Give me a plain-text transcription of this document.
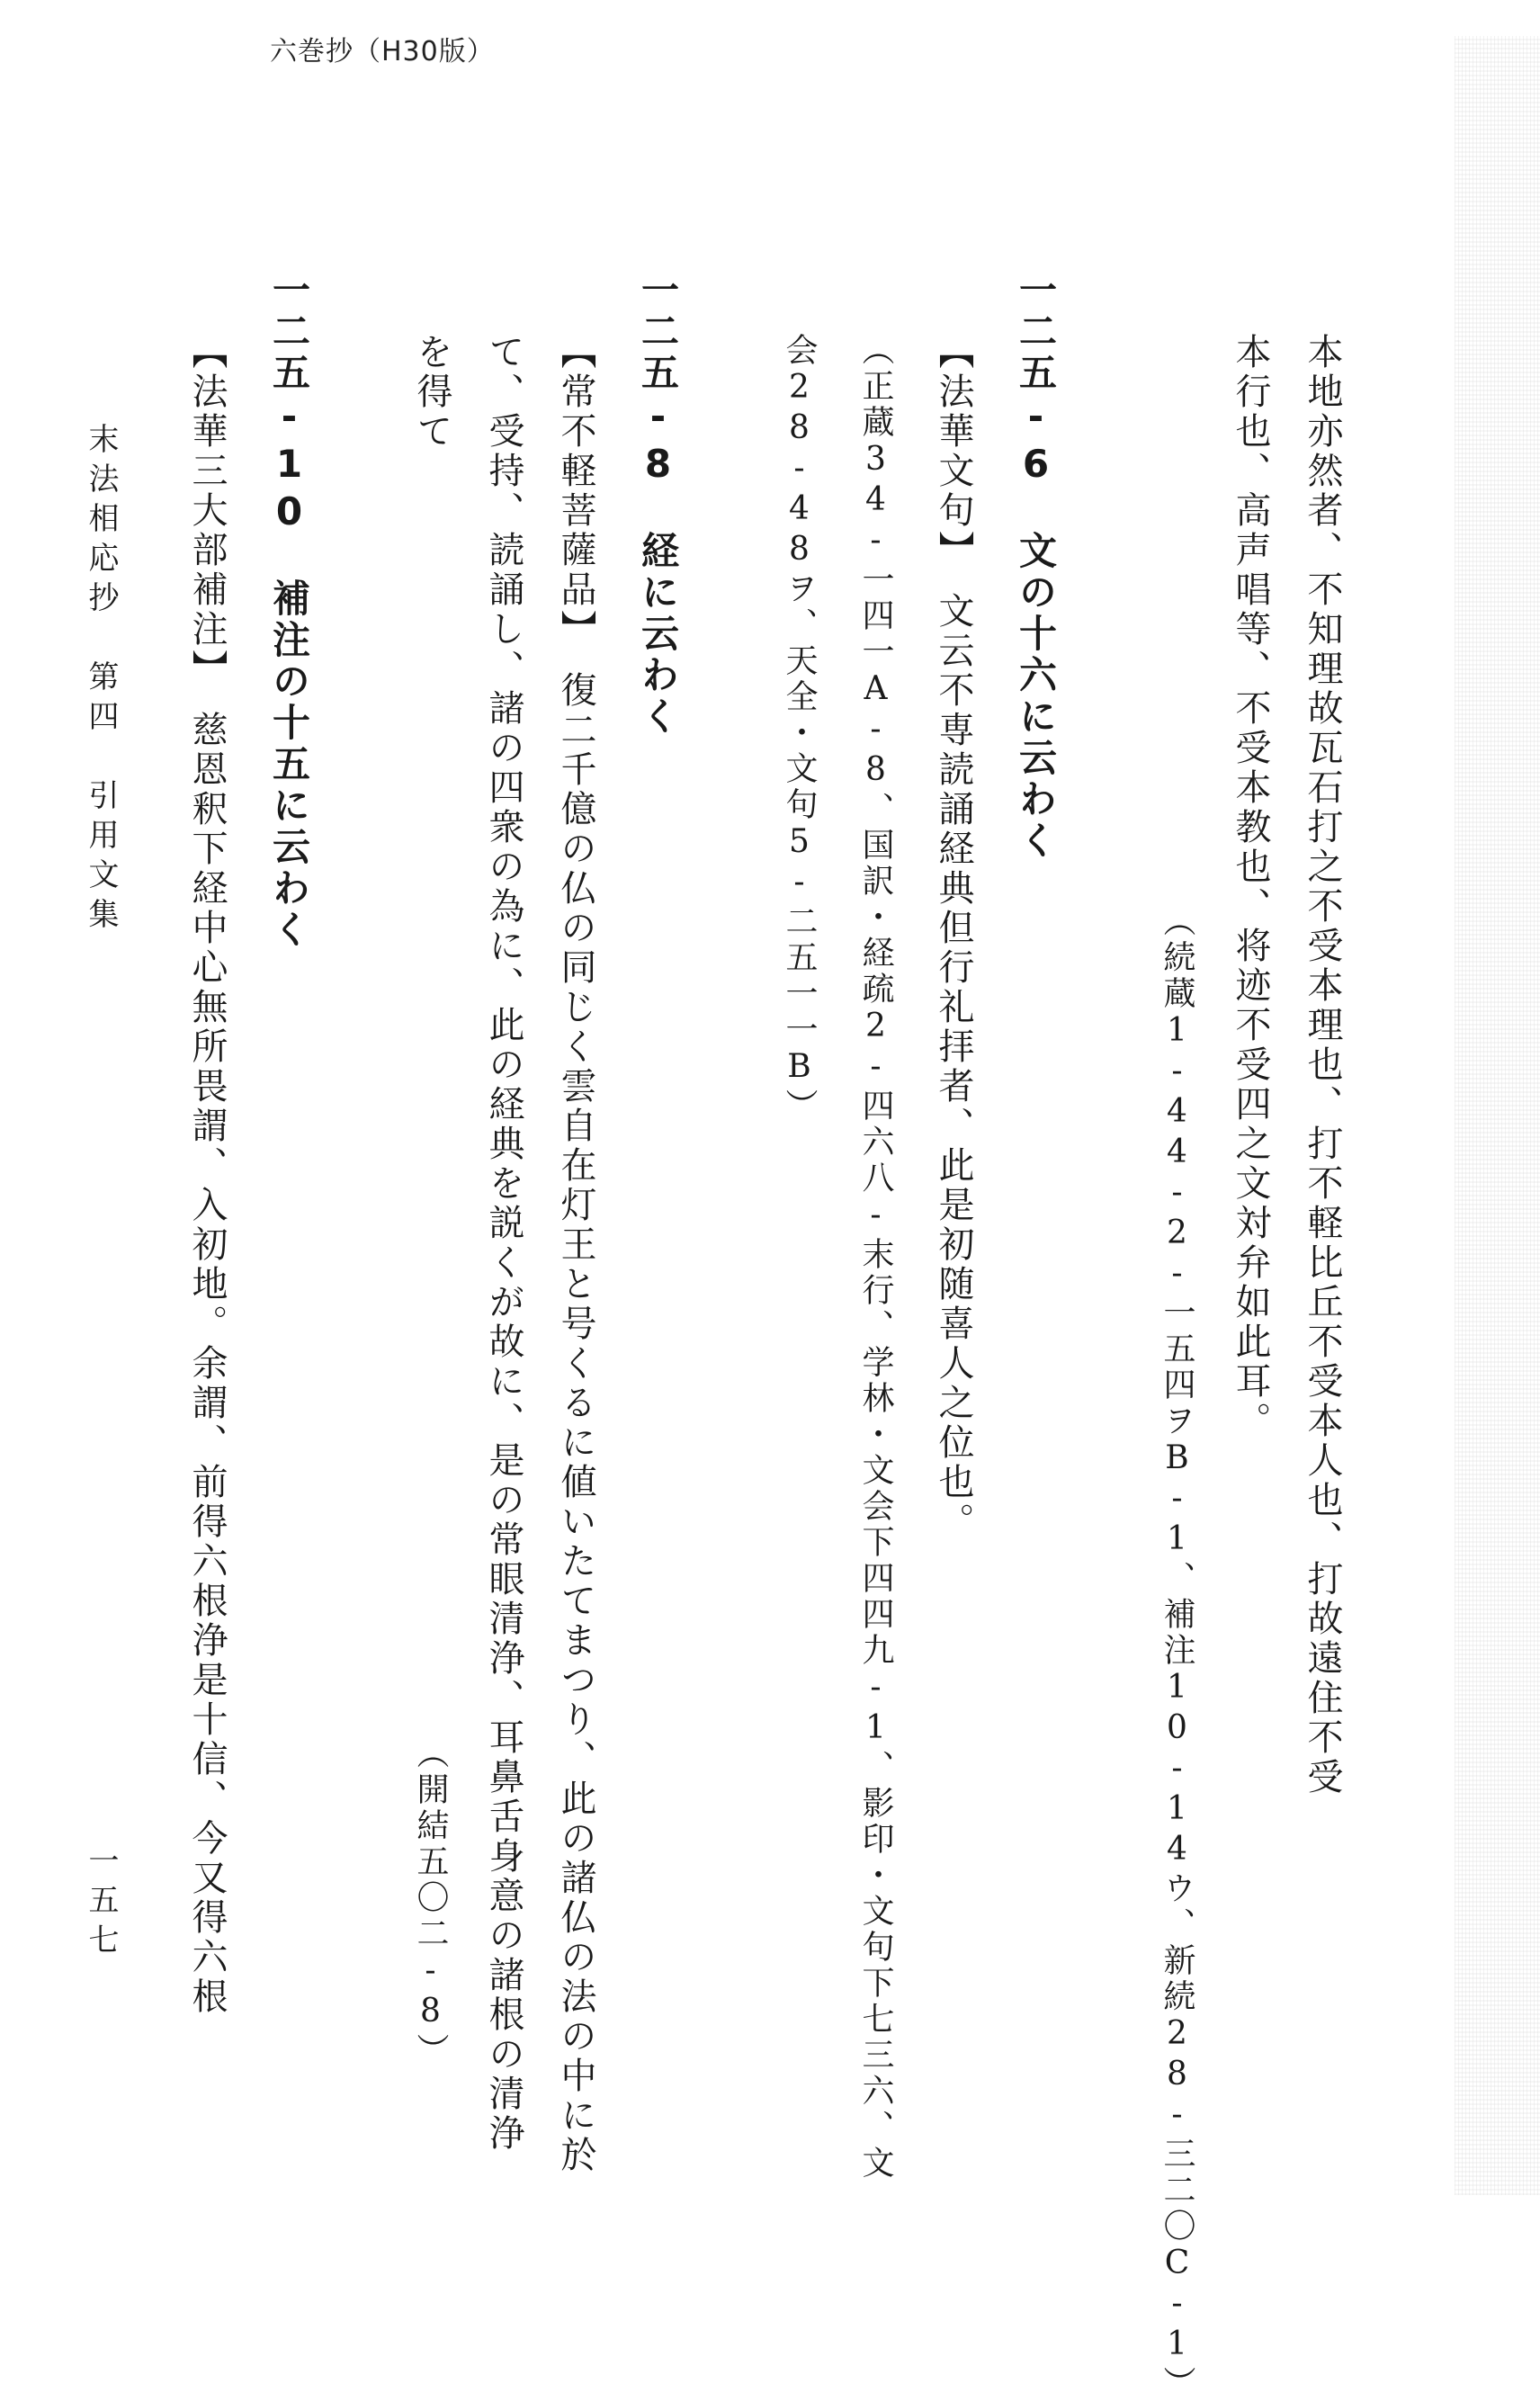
六巻抄（H30版）
本地亦然者、不知理故瓦石打之不受本理也、打不軽比丘不受本人也、打故遠住不受
本行也、高声唱等、不受本教也、将迹不受四之文対弁如此耳。
（続蔵1-44-2-一五四ヲB-1、補注10-14ウ、新続28-三二〇C-1）
一二五-6　文の十六に云わく
【法華文句】　文云不専読誦経典但行礼拝者、此是初随喜人之位也。
（正蔵34-一四一A-8、国訳・経疏2-四六八-末行、学林・文会下四四九-1、影印・文句下七三六、文
会28-48ヲ、天全・文句5-二五一一B）
一二五-8　経に云わく
【常不軽菩薩品】　復二千億の仏の同じく雲自在灯王と号くるに値いたてまつり、此の諸仏の法の中に於
て、受持、読誦し、諸の四衆の為に、此の経典を説くが故に、是の常眼清浄、耳鼻舌身意の諸根の清浄
を得て
（開結五〇二-8）
一二五-10　補注の十五に云わく
【法華三大部補注】　慈恩釈下経中心無所畏謂、入初地。余謂、前得六根浄是十信、今又得六根
末法相応抄　第四　引用文集
一五七
